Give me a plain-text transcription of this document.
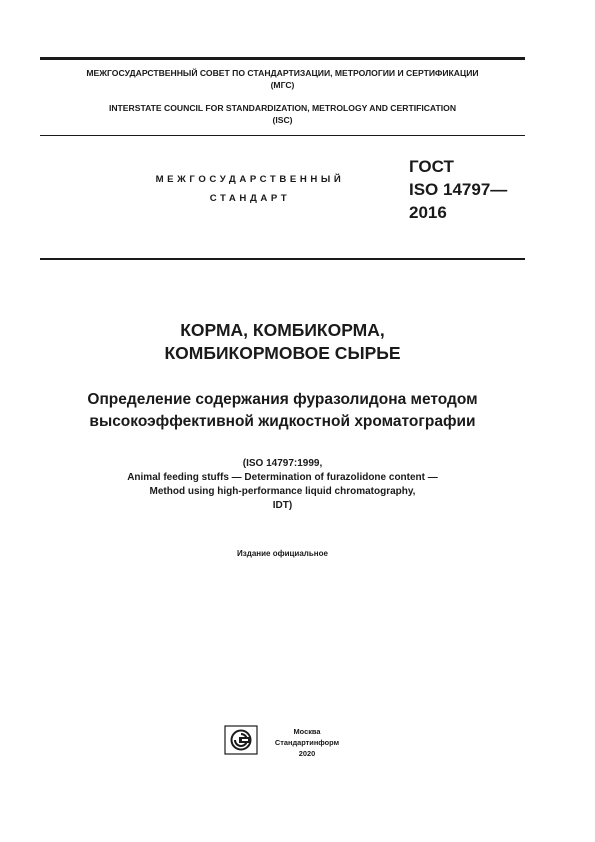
МЕЖГОСУДАРСТВЕННЫЙ СОВЕТ ПО СТАНДАРТИЗАЦИИ, МЕТРОЛОГИИ И СЕРТИФИКАЦИИ
(МГС)
INTERSTATE COUNCIL FOR STANDARDIZATION, METROLOGY AND CERTIFICATION
(ISC)
МЕЖГОСУДАРСТВЕННЫЙ
СТАНДАРТ
ГОСТ
ISO 14797—
2016
КОРМА, КОМБИКОРМА,
КОМБИКОРМОВОЕ СЫРЬЕ
Определение содержания фуразолидона методом
высокоэффективной жидкостной хроматографии
(ISO 14797:1999,
Animal feeding stuffs — Determination of furazolidone content —
Method using high-performance liquid chromatography,
IDT)
Издание официальное
Москва
Стандартинформ
2020
